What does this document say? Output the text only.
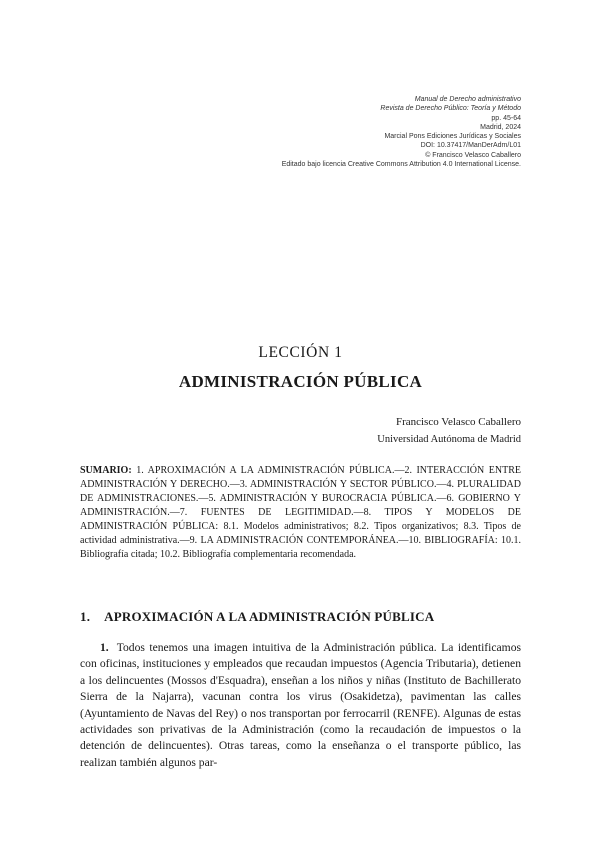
Manual de Derecho administrativo
Revista de Derecho Público: Teoría y Método
pp. 45-64
Madrid, 2024
Marcial Pons Ediciones Jurídicas y Sociales
DOI: 10.37417/ManDerAdm/L01
© Francisco Velasco Caballero
Editado bajo licencia Creative Commons Attribution 4.0 International License.
LECCIÓN 1
ADMINISTRACIÓN PÚBLICA
Francisco Velasco Caballero
Universidad Autónoma de Madrid
SUMARIO: 1. APROXIMACIÓN A LA ADMINISTRACIÓN PÚBLICA.—2. INTERACCIÓN ENTRE ADMINISTRACIÓN Y DERECHO.—3. ADMINISTRACIÓN Y SECTOR PÚBLICO.—4. PLURALIDAD DE ADMINISTRACIONES.—5. ADMINISTRACIÓN Y BUROCRACIA PÚBLICA.—6. GOBIERNO Y ADMINISTRACIÓN.—7. FUENTES DE LEGITIMIDAD.—8. TIPOS Y MODELOS DE ADMINISTRACIÓN PÚBLICA: 8.1. Modelos administrativos; 8.2. Tipos organizativos; 8.3. Tipos de actividad administrativa.—9. LA ADMINISTRACIÓN CONTEMPORÁNEA.—10. BIBLIOGRAFÍA: 10.1. Bibliografía citada; 10.2. Bibliografía complementaria recomendada.
1. APROXIMACIÓN A LA ADMINISTRACIÓN PÚBLICA
1. Todos tenemos una imagen intuitiva de la Administración pública. La identificamos con oficinas, instituciones y empleados que recaudan impuestos (Agencia Tributaria), detienen a los delincuentes (Mossos d'Esquadra), enseñan a los niños y niñas (Instituto de Bachillerato Sierra de la Najarra), vacunan contra los virus (Osakidetza), pavimentan las calles (Ayuntamiento de Navas del Rey) o nos transportan por ferrocarril (RENFE). Algunas de estas actividades son privativas de la Administración (como la recaudación de impuestos o la detención de delincuentes). Otras tareas, como la enseñanza o el transporte público, las realizan también algunos par-
